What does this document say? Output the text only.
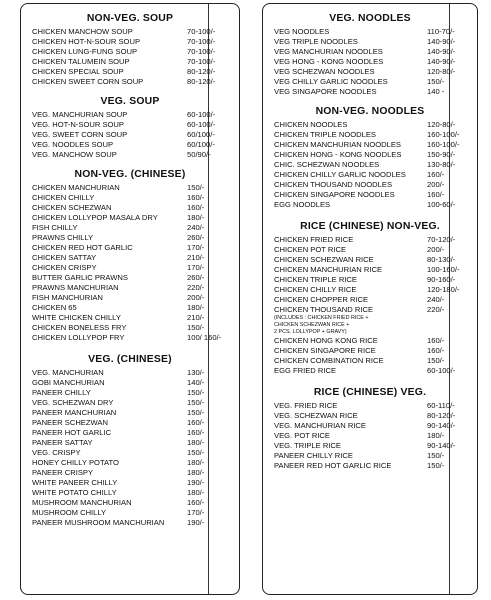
NON-VEG. SOUP
CHICKEN MANCHOW SOUP	70-100/-
CHICKEN HOT-N-SOUR SOUP	70-100/-
CHICKEN LUNG-FUNG SOUP	70-100/-
CHICKEN TALUMEIN SOUP	70-100/-
CHICKEN SPECIAL SOUP	80-120/-
CHICKEN SWEET CORN SOUP	80-120/-
VEG. SOUP
VEG. MANCHURIAN SOUP	60-100/-
VEG. HOT-N-SOUR SOUP	60-100/-
VEG. SWEET CORN SOUP	60/100/-
VEG. NOODLES SOUP	60/100/-
VEG. MANCHOW SOUP	50/90/-
NON-VEG. (CHINESE)
CHICKEN MANCHURIAN	150/-
CHICKEN CHILLY	160/-
CHICKEN SCHEZWAN	160/-
CHICKEN LOLLYPOP MASALA DRY	180/-
FISH CHILLY	240/-
PRAWNS CHILLY	260/-
CHICKEN RED HOT GARLIC	170/-
CHICKEN SATTAY	210/-
CHICKEN CRISPY	170/-
BUTTER GARLIC PRAWNS	260/-
PRAWNS MANCHURIAN	220/-
FISH MANCHURIAN	200/-
CHICKEN 65	180/-
WHITE CHICKEN CHILLY	210/-
CHICKEN BONELESS FRY	150/-
CHICKEN LOLLYPOP FRY	100/ 160/-
VEG. (CHINESE)
VEG. MANCHURIAN	130/-
GOBI MANCHURIAN	140/-
PANEER CHILLY	150/-
VEG. SCHEZWAN DRY	150/-
PANEER MANCHURIAN	150/-
PANEER SCHEZWAN	160/-
PANEER HOT GARLIC	160/-
PANEER SATTAY	180/-
VEG. CRISPY	150/-
HONEY CHILLY POTATO	180/-
PANEER CRISPY	180/-
WHITE PANEER CHILLY	190/-
WHITE POTATO CHILLY	180/-
MUSHROOM MANCHURIAN	160/-
MUSHROOM CHILLY	170/-
PANEER MUSHROOM MANCHURIAN	190/-
VEG. NOODLES
VEG NOODLES	110-70/-
VEG TRIPLE NOODLES	140-90/-
VEG MANCHURIAN NOODLES	140-90/-
VEG HONG - KONG NOODLES	140-90/-
VEG SCHEZWAN NOODLES	120-80/-
VEG CHILLY GARLIC NOODLES	150/-
VEG SINGAPORE NOODLES	140 -
NON-VEG. NOODLES
CHICKEN NOODLES	120-80/-
CHICKEN TRIPLE NOODLES	160-100/-
CHICKEN MANCHURIAN NOODLES	160-100/-
CHICKEN HONG - KONG NOODLES	150-90/-
CHIC. SCHEZWAN NOODLES	130-80/-
CHICKEN CHILLY GARLIC NOODLES	160/-
CHICKEN THOUSAND NOODLES	200/-
CHICKEN SINGAPORE NOODLES	160/-
EGG NOODLES	100-60/-
RICE (CHINESE) NON-VEG.
CHICKEN FRIED RICE	70-120/-
CHICKEN POT RICE	200/-
CHICKEN SCHEZWAN RICE	80-130/-
CHICKEN MANCHURIAN RICE	100-160/-
CHICKEN TRIPLE RICE	90-160/-
CHICKEN CHILLY RICE	120-180/-
CHICKEN CHOPPER RICE	240/-
CHICKEN THOUSAND RICE	220/-
(INCLUDES : CHICKEN FRIED RICE +
CHICKEN SCHEZWAN RICE +
2 PCS. LOLLYPOP + GRAVY)
CHICKEN HONG KONG RICE	160/-
CHICKEN SINGAPORE RICE	160/-
CHICKEN COMBINATION RICE	150/-
EGG FRIED RICE	60-100/-
RICE (CHINESE) VEG.
VEG. FRIED RICE	60-110/-
VEG. SCHEZWAN RICE	80-120/-
VEG. MANCHURIAN RICE	90-140/-
VEG. POT RICE	180/-
VEG. TRIPLE RICE	90-140/-
PANEER CHILLY RICE	150/-
PANEER RED HOT GARLIC RICE	150/-
